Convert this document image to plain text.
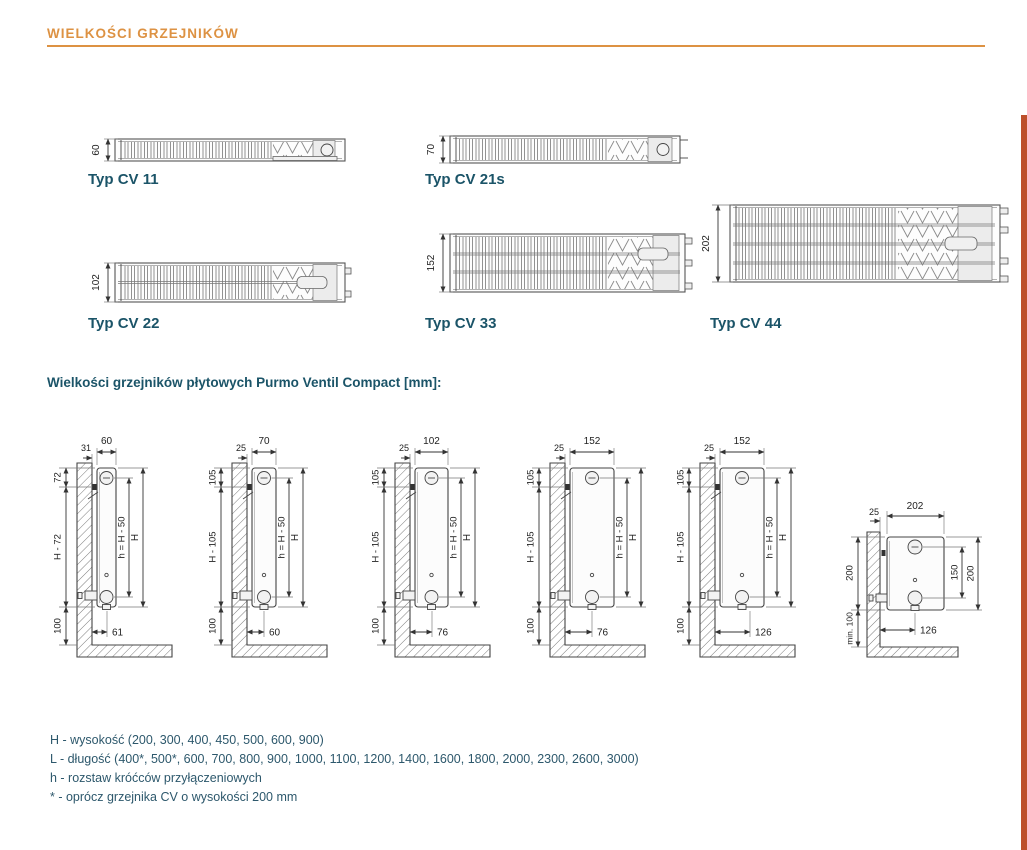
WIELKOŚCI GRZEJNIKÓW
Typ CV 11	Typ CV 21s
Typ CV 22	Typ CV 33	Typ CV 44
Wielkości grzejników płytowych Purmo Ventil Compact [mm]:
H - wysokość (200, 300, 400, 450, 500, 600, 900)
L - długość (400*, 500*, 600, 700, 800, 900, 1000, 1100, 1200, 1400, 1600, 1800, 2000, 2300, 2600, 3000)
h - rozstaw króćców przyłączeniowych
* - oprócz grzejnika CV o wysokości 200 mm
60	70
102
152
202
60
31
72
H - 72
100
h = H - 50 H
61
70
25
105
H - 105
100
h = H - 50 H
60
102
25
105
H - 105
100
h = H - 50 H
76
152
25
105
H - 105
100
h = H - 50 H
76
152
25
105
H - 105
100
h = H - 50 H
126
202
25
200
min. 100
150 200
126
